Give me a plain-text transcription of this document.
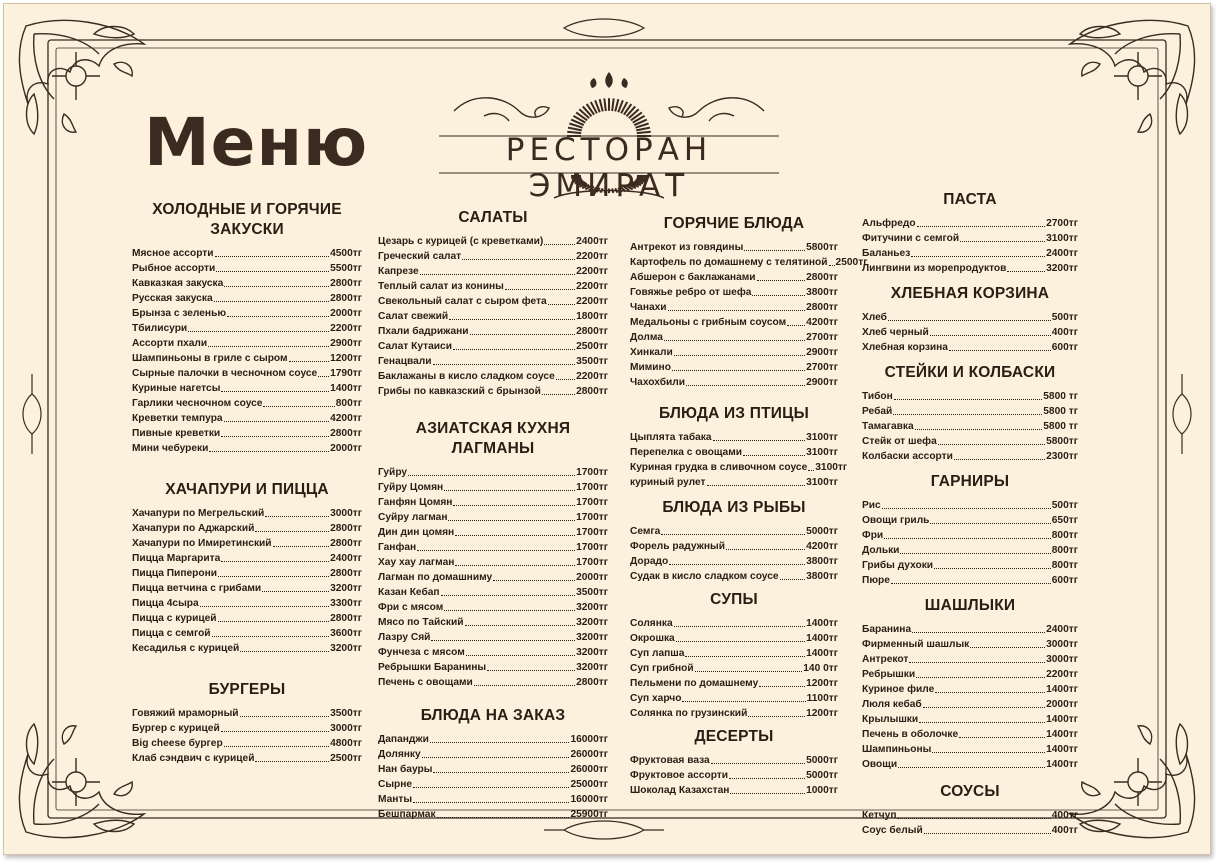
Меню	РЕСТОРАН ЭМИРАТ
ХОЛОДНЫЕ И ГОРЯЧИЕ ЗАКУСКИ
Мясное ассорти	4500тг
Рыбное ассорти	5500тг
Кавказкая закуска	2800тг
Русская закуска	2800тг
Брынза с зеленью	2000тг
Тбилисури	2200тг
Ассорти пхали	2900тг
Шампиньоны в гриле с сыром	1200тг
Сырные палочки в чесночном соусе 1790тг
Куриные нагетсы	1400тг
Гарлики чесночном соусе	800тг
Креветки темпура	4200тг
Пивные креветки	2800тг
Мини чебуреки	2000тг
ХАЧАПУРИ И ПИЦЦА
Хачапури по Мегрельский	3000тг
Хачапури по Аджарский	2800тг
Хачапури по Имиретинский	2800тг
Пицца Маргарита	2400тг
Пицца Пиперони	2800тг
Пицца ветчина с грибами	3200тг
Пицца 4сыра	3300тг
Пицца с курицей	2800тг
Пицца с семгой	3600тг
Кесадилья с курицей	3200тг
БУРГЕРЫ
Говяжий мраморный	3500тг
Бургер с курицей	3000тг
Big cheese бургер	4800тг
Клаб сэндвич с курицей	2500тг
САЛАТЫ
Цезарь с курицей (с креветками)	2400тг
Греческий салат	2200тг
Капрезе	2200тг
Теплый салат из конины	2200тг
Свекольный салат с сыром фета	2200тг
Салат свежий	1800тг
Пхали бадрижани	2800тг
Салат Кутаиси	2500тг
Генацвали	3500тг
Баклажаны в кисло сладком соусе 2200тг
Грибы по кавказский с брынзой	2800тг
АЗИАТСКАЯ КУХНЯ ЛАГМАНЫ
Гуйру	1700тг
Гуйру Цомян	1700тг
Ганфян Цомян	1700тг
Суйру лагман	1700тг
Дин дин цомян	1700тг
Ганфан	1700тг
Хау хау лагман	1700тг
Лагман по домашниму	2000тг
Казан Кебап	3500тг
Фри с мясом	3200тг
Мясо по Тайский	3200тг
Лазру Сяй	3200тг
Фунчеза с мясом	3200тг
Ребрышки Баранины	3200тг
Печень с овощами	2800тг
БЛЮДА НА ЗАКАЗ
Дапанджи	16000тг
Долянку	26000тг
Нан бауры	26000тг
Сырне	25000тг
Манты	16000тг
Бешпармак	25900тг
ГОРЯЧИЕ БЛЮДА
Антрекот из говядины	5800тг
Картофель по домашнему с телятиной 2500тг
Абшерон с баклажанами	2800тг
Говяжье ребро от шефа	3800тг
Чанахи	2800тг
Медальоны с грибным соусом 4200тг
Долма	2700тг
Хинкали	2900тг
Мимино	2700тг
Чахохбили	2900тг
БЛЮДА ИЗ ПТИЦЫ
Цыплята табака	3100тг
Перепелка с овощами	3100тг
Куриная грудка в сливочном соусе 3100тг
куриный рулет	3100тг
БЛЮДА ИЗ РЫБЫ
Семга	5000тг
Форель радужный	4200тг
Дорадо	3800тг
Судак в кисло сладком соусе	3800тг
СУПЫ
Солянка	1400тг
Окрошка	1400тг
Суп лапша	1400тг
Суп грибной	140 0тг
Пельмени по домашнему	1200тг
Суп харчо	1100тг
Солянка по грузинский	1200тг
ДЕСЕРТЫ
Фруктовая ваза	5000тг
Фруктовое ассорти	5000тг
Шоколад Казахстан	1000тг
ПАСТА
Альфредо	2700тг
Фитучини с семгой	3100тг
Баланьез	2400тг
Лингвини из морепродуктов	3200тг
ХЛЕБНАЯ КОРЗИНА
Хлеб	500тг
Хлеб черный	400тг
Хлебная корзина	600тг
СТЕЙКИ И КОЛБАСКИ
Тибон	5800 тг
Ребай	5800 тг
Тамагавка	5800 тг
Стейк от шефа	5800тг
Колбаски ассорти	2300тг
ГАРНИРЫ
Рис	500тг
Овощи гриль	650тг
Фри	800тг
Дольки	800тг
Грибы духоки	800тг
Пюре	600тг
ШАШЛЫКИ
Баранина	2400тг
Фирменный шашлык	3000тг
Антрекот	3000тг
Ребрышки	2200тг
Куриное филе	1400тг
Люля кебаб	2000тг
Крылышки	1400тг
Печень в оболочке	1400тг
Шампиньоны	1400тг
Овощи	1400тг
СОУСЫ
Кетчуп	400тг
Соус белый	400тг
